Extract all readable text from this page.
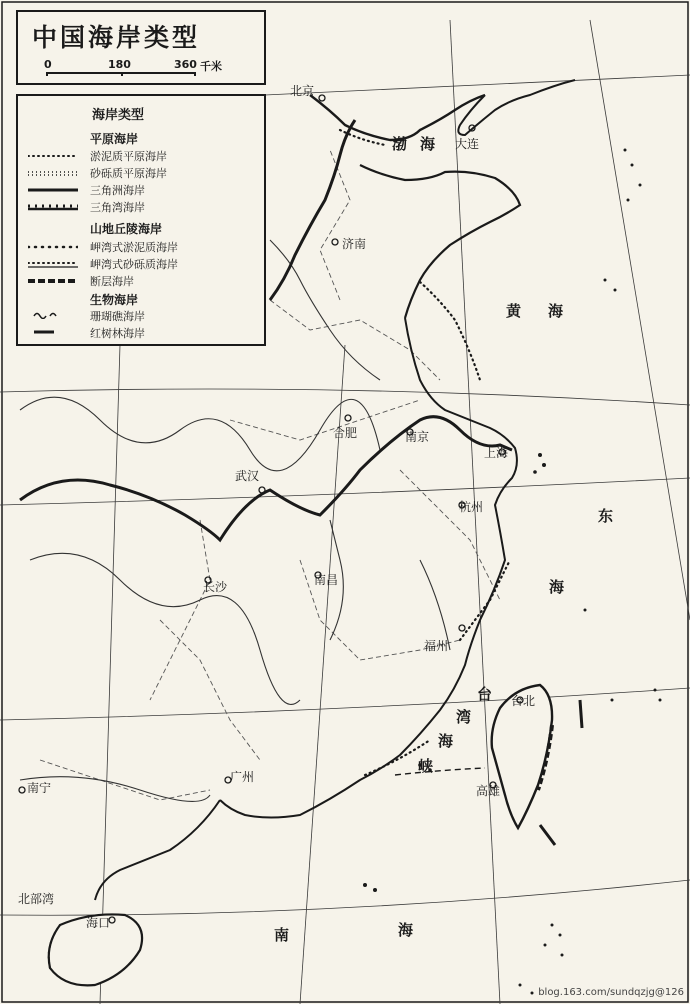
中国海岸类型
0	180	360 千米
海岸类型
平原海岸
淤泥质平原海岸
砂砾质平原海岸
三角洲海岸
三角湾海岸
山地丘陵海岸
岬湾式淤泥质海岸
岬湾式砂砾质海岸
断层海岸
生物海岸
珊瑚礁海岸
红树林海岸
北京
大连
济南
合肥	南京
上海
武汉
杭州
长沙	南昌
福州
广州
南宁
台北
高雄
海口
北部湾
渤 海
黄 海
东
海
台
湾
海
峡
南	海
blog.163.com/sundqzjg@126
